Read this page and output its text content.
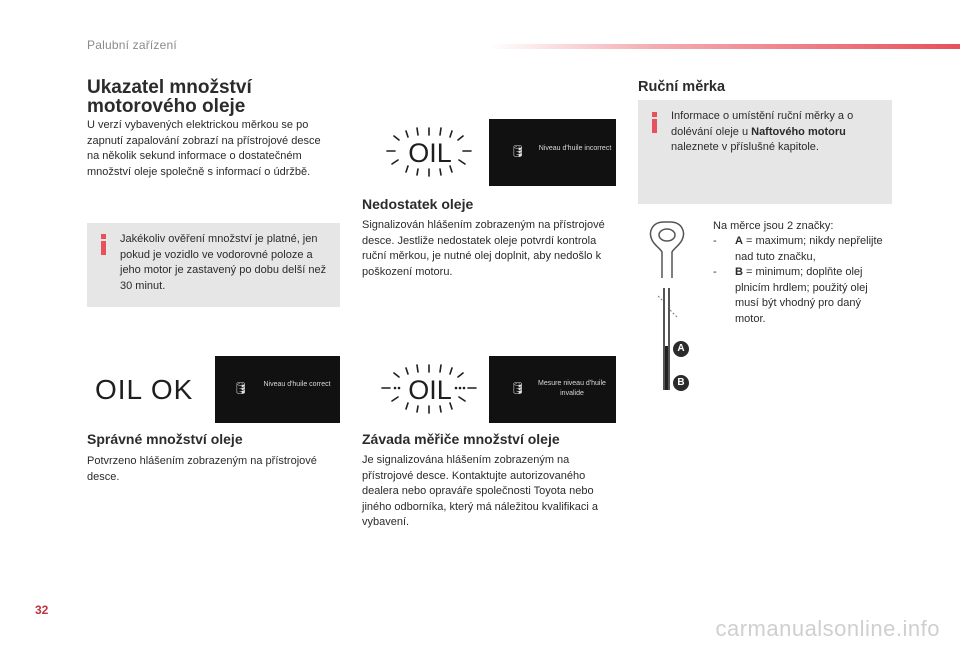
Palubní zařízení
Ukazatel množství motorového oleje

U verzí vybavených elektrickou měrkou se po zapnutí zapalování zobrazí na přístrojové desce na několik sekund informace o dostatečném množství oleje společně s informací o údržbě.

Jakékoliv ověření množství je platné, jen pokud je vozidlo ve vodorovné poloze a jeho motor je zastavený po dobu delší než 30 minut.

OIL	🛢	Niveau d'huile incorrect
Nedostatek oleje

Signalizován hlášením zobrazeným na přístrojové desce. Jestliže nedostatek oleje potvrdí kontrola ruční měrkou, je nutné olej doplnit, aby nedošlo k poškození motoru.

OIL OK	🛢	Niveau d'huile correct
Správné množství oleje

Potvrzeno hlášením zobrazeným na přístrojové desce.

OIL	🛢	Mesure niveau d'huile invalide
Závada měřiče množství oleje

Je signalizována hlášením zobrazeným na přístrojové desce. Kontaktujte autorizovaného dealera nebo opraváře společnosti Toyota nebo jiného odborníka, který má náležitou kvalifikaci a vybavení.

Ruční měrka

Informace o umístění ruční měrky a o dolévání oleje u Naftového motoru naleznete v příslušné kapitole.

A
B

Na měrce jsou 2 značky:

- A = maximum; nikdy nepřelijte nad tuto značku,
- B = minimum; doplňte olej plnicím hrdlem; použitý olej musí být vhodný pro daný motor.
32
carmanualsonline.info
